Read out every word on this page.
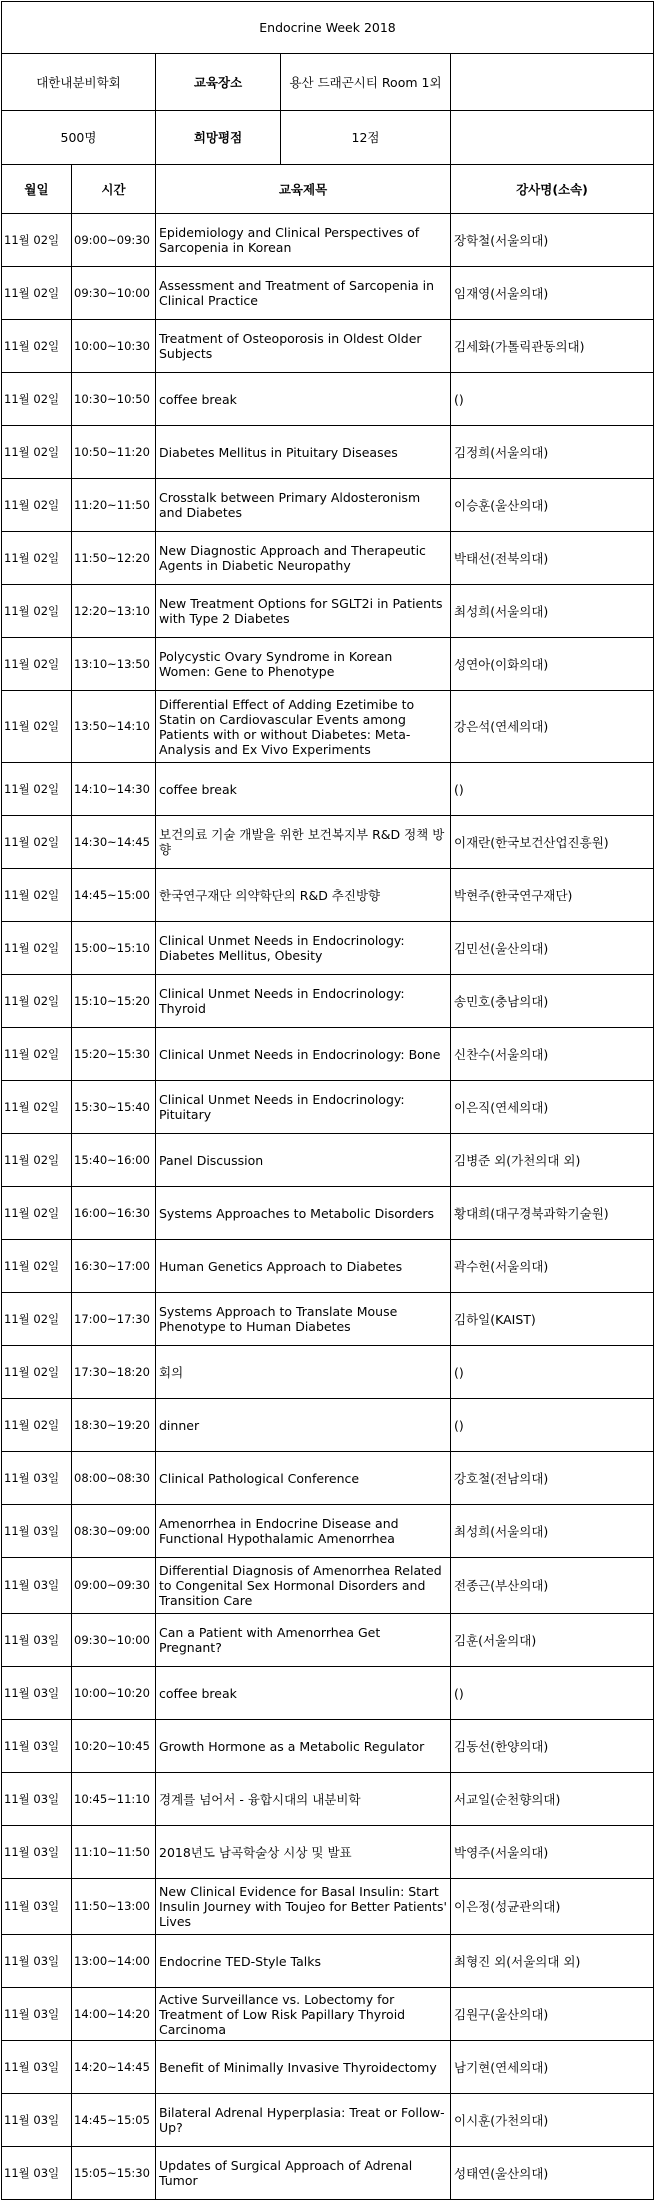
Endocrine Week 2018			
대한내분비학회		교육장소 용산 드래곤시티 Room 1외	

500명		희망평점 12점	

월일	시간	교육제목	강사명(소속)
11월 02일	09:00~09:30	Epidemiology and Clinical Perspectives of Sarcopenia in Korean	장학철(서울의대)
11월 02일	09:30~10:00	Assessment and Treatment of Sarcopenia in Clinical Practice	임재영(서울의대)
11월 02일	10:00~10:30	Treatment of Osteoporosis in Oldest Older Subjects	김세화(가톨릭관동의대)
11월 02일	10:30~10:50	coffee break	()
11월 02일	10:50~11:20	Diabetes Mellitus in Pituitary Diseases	김정희(서울의대)
11월 02일	11:20~11:50	Crosstalk between Primary Aldosteronism and Diabetes	이승훈(울산의대)
11월 02일	11:50~12:20	New Diagnostic Approach and Therapeutic Agents in Diabetic Neuropathy	박태선(전북의대)
11월 02일	12:20~13:10	New Treatment Options for SGLT2i in Patients with Type 2 Diabetes	최성희(서울의대)
11월 02일	13:10~13:50	Polycystic Ovary Syndrome in Korean Women: Gene to Phenotype	성연아(이화의대)
11월 02일	13:50~14:10	Differential Effect of Adding Ezetimibe to Statin on Cardiovascular Events among Patients with or without Diabetes: Meta-Analysis and Ex Vivo Experiments	강은석(연세의대)
11월 02일	14:10~14:30	coffee break	()
11월 02일	14:30~14:45	보건의료 기술 개발을 위한 보건복지부 R&D 정책 방향	이재란(한국보건산업진흥원)
11월 02일	14:45~15:00	한국연구재단 의약학단의 R&D 추진방향	박현주(한국연구재단)
11월 02일	15:00~15:10	Clinical Unmet Needs in Endocrinology: Diabetes Mellitus, Obesity	김민선(울산의대)
11월 02일	15:10~15:20	Clinical Unmet Needs in Endocrinology: Thyroid	송민호(충남의대)
11월 02일	15:20~15:30	Clinical Unmet Needs in Endocrinology: Bone	신찬수(서울의대)
11월 02일	15:30~15:40	Clinical Unmet Needs in Endocrinology: Pituitary	이은직(연세의대)
11월 02일	15:40~16:00	Panel Discussion	김병준 외(가천의대 외)
11월 02일	16:00~16:30	Systems Approaches to Metabolic Disorders	황대희(대구경북과학기술원)
11월 02일	16:30~17:00	Human Genetics Approach to Diabetes	곽수헌(서울의대)
11월 02일	17:00~17:30	Systems Approach to Translate Mouse Phenotype to Human Diabetes	김하일(KAIST)
11월 02일	17:30~18:20	회의	()
11월 02일	18:30~19:20	dinner	()
11월 03일	08:00~08:30	Clinical Pathological Conference	강호철(전남의대)
11월 03일	08:30~09:00	Amenorrhea in Endocrine Disease and Functional Hypothalamic Amenorrhea	최성희(서울의대)
11월 03일	09:00~09:30	Differential Diagnosis of Amenorrhea Related to Congenital Sex Hormonal Disorders and Transition Care	전종근(부산의대)
11월 03일	09:30~10:00	Can a Patient with Amenorrhea Get Pregnant?	김훈(서울의대)
11월 03일	10:00~10:20	coffee break	()
11월 03일	10:20~10:45	Growth Hormone as a Metabolic Regulator	김동선(한양의대)
11월 03일	10:45~11:10	경계를 넘어서 - 융합시대의 내분비학	서교일(순천향의대)
11월 03일	11:10~11:50	2018년도 남곡학술상 시상 및 발표	박영주(서울의대)
11월 03일	11:50~13:00	New Clinical Evidence for Basal Insulin: Start Insulin Journey with Toujeo for Better Patients' Lives	이은정(성균관의대)
11월 03일	13:00~14:00	Endocrine TED-Style Talks	최형진 외(서울의대 외)
11월 03일	14:00~14:20	Active Surveillance vs. Lobectomy for Treatment of Low Risk Papillary Thyroid Carcinoma	김원구(울산의대)
11월 03일	14:20~14:45	Benefit of Minimally Invasive Thyroidectomy	남기현(연세의대)
11월 03일	14:45~15:05	Bilateral Adrenal Hyperplasia: Treat or Follow-Up?	이시훈(가천의대)
11월 03일	15:05~15:30	Updates of Surgical Approach of Adrenal Tumor	성태연(울산의대)
